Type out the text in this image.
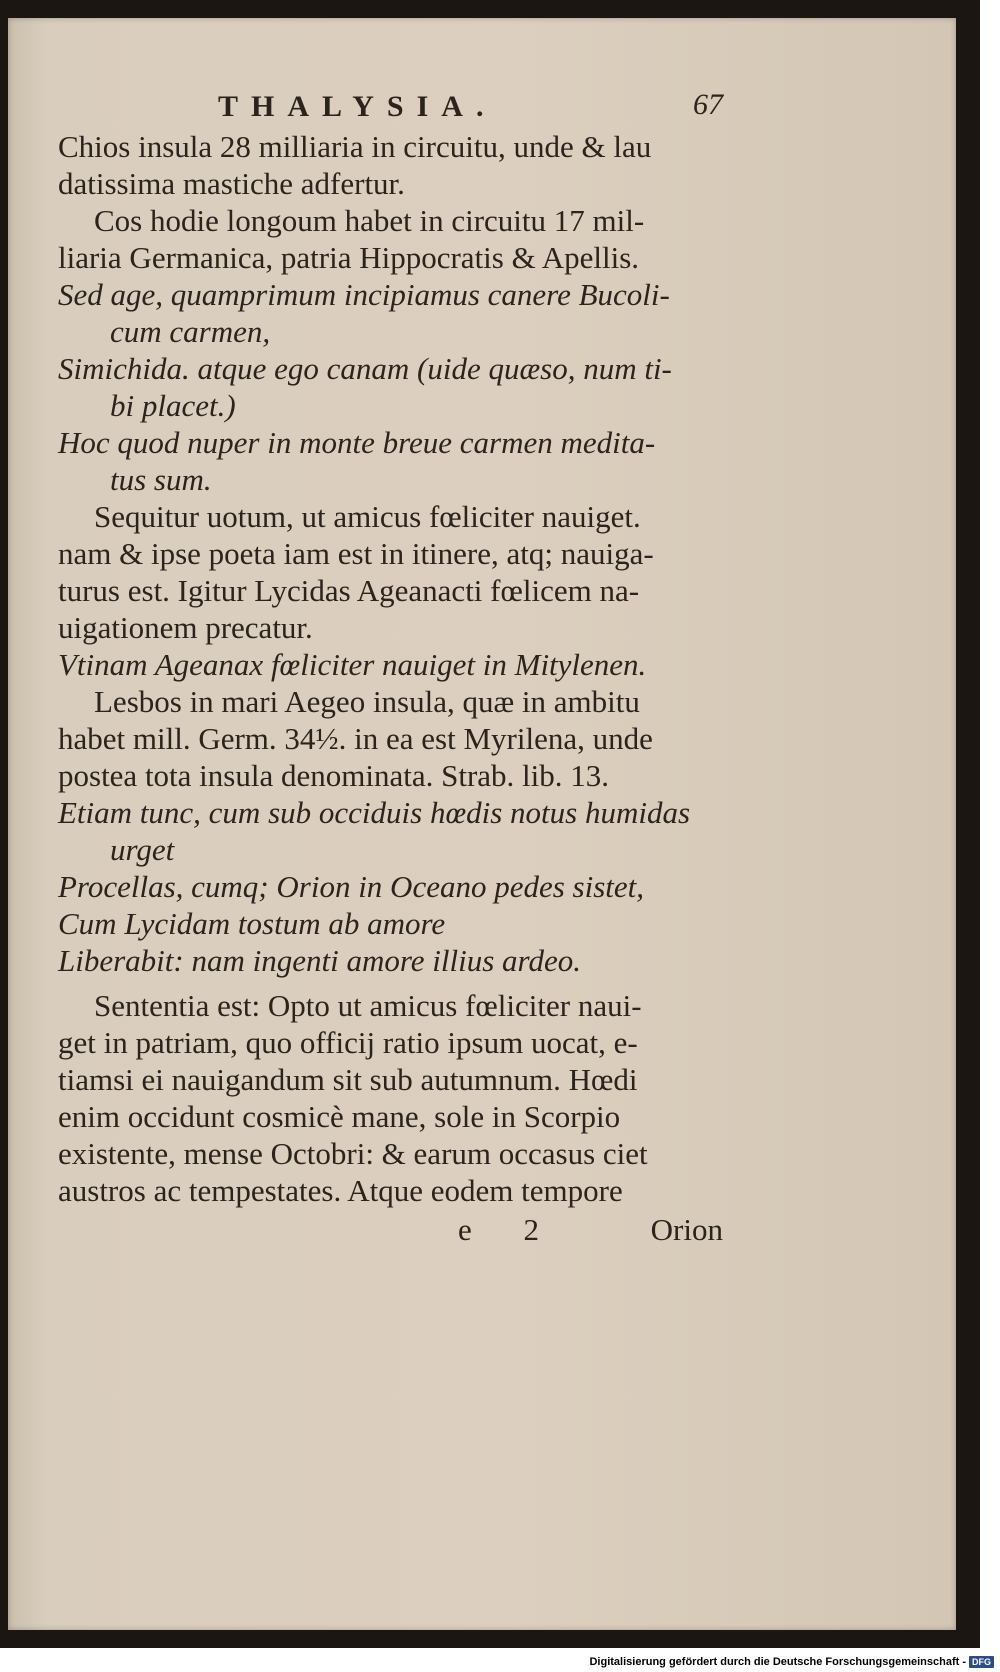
THALYSIA.	67
Chios insula 28 milliaria in circuitu, unde & lau
datissima mastiche adfertur.
Cos hodie longoum habet in circuitu 17 mil-
liaria Germanica, patria Hippocratis & Apellis.
Sed age, quamprimum incipiamus canere Bucoli-
cum carmen,
Simichida. atque ego canam (uide quæso, num ti-
bi placet.)
Hoc quod nuper in monte breue carmen medita-
tus sum.
Sequitur uotum, ut amicus fœliciter nauiget.
nam & ipse poeta iam est in itinere, atq; nauiga-
turus est. Igitur Lycidas Ageanacti fœlicem na-
uigationem precatur.
Vtinam Ageanax fœliciter nauiget in Mitylenen.
Lesbos in mari Aegeo insula, quæ in ambitu
habet mill. Germ. 34½. in ea est Myrilena, unde
postea tota insula denominata. Strab. lib. 13.
Etiam tunc, cum sub occiduis hœdis notus humidas
urget
Procellas, cumq; Orion in Oceano pedes sistet,
Cum Lycidam tostum ab amore
Liberabit: nam ingenti amore illius ardeo.
Sententia est: Opto ut amicus fœliciter naui-
get in patriam, quo officij ratio ipsum uocat, e-
tiamsi ei nauigandum sit sub autumnum. Hœdi
enim occidunt cosmicè mane, sole in Scorpio
existente, mense Octobri: & earum occasus ciet
austros ac tempestates. Atque eodem tempore
e 2	Orion
Digitalisierung gefördert durch die Deutsche Forschungsgemeinschaft - DFG
